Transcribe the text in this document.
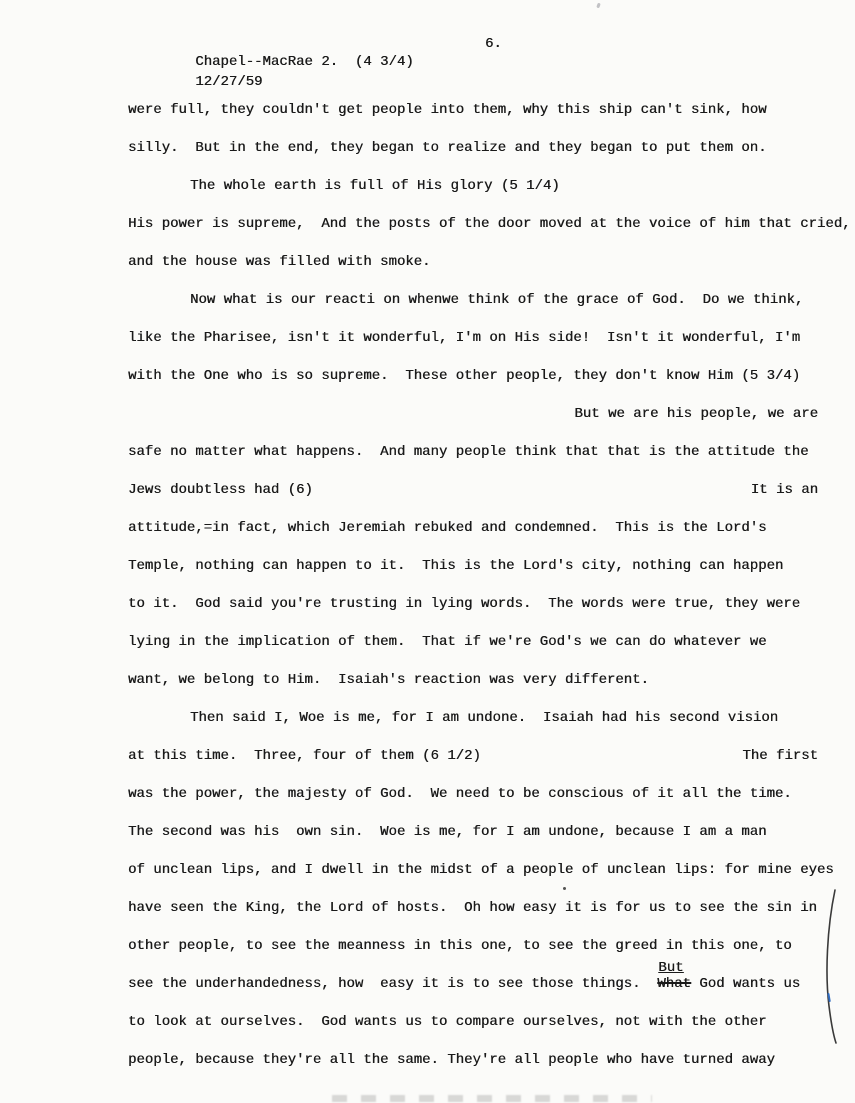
Chapel--MacRae 2.  (4 3/4)

6.

12/27/59

were full, they couldn't get people into them, why this ship can't sink, how
silly.  But in the end, they began to realize and they began to put them on.
The whole earth is full of His glory (5 1/4)
His power is supreme,  And the posts of the door moved at the voice of him that cried,
and the house was filled with smoke.
Now what is our reacti on whenwe think of the grace of God.  Do we think,
like the Pharisee, isn't it wonderful, I'm on His side!  Isn't it wonderful, I'm
with the One who is so supreme.  These other people, they don't know Him (5 3/4)
But we are his people, we are
safe no matter what happens.  And many people think that that is the attitude the
Jews doubtless had (6)	It is an
attitude,=in fact, which Jeremiah rebuked and condemned.  This is the Lord's
Temple, nothing can happen to it.  This is the Lord's city, nothing can happen
to it.  God said you're trusting in lying words.  The words were true, they were
lying in the implication of them.  That if we're God's we can do whatever we
want, we belong to Him.  Isaiah's reaction was very different.
Then said I, Woe is me, for I am undone.  Isaiah had his second vision
at this time.  Three, four of them (6 1/2)	The first
was the power, the majesty of God.  We need to be conscious of it all the time.
The second was his  own sin.  Woe is me, for I am undone, because I am a man
of unclean lips, and I dwell in the midst of a people of unclean lips: for mine eyes
have seen the King, the Lord of hosts.  Oh how easy it is for us to see the sin in
other people, to see the meanness in this one, to see the greed in this one, to
see the underhandedness, how  easy it is to see those things.
But
What God wants us
to look at ourselves.  God wants us to compare ourselves, not with the other
people, because they're all the same. They're all people who have turned away
